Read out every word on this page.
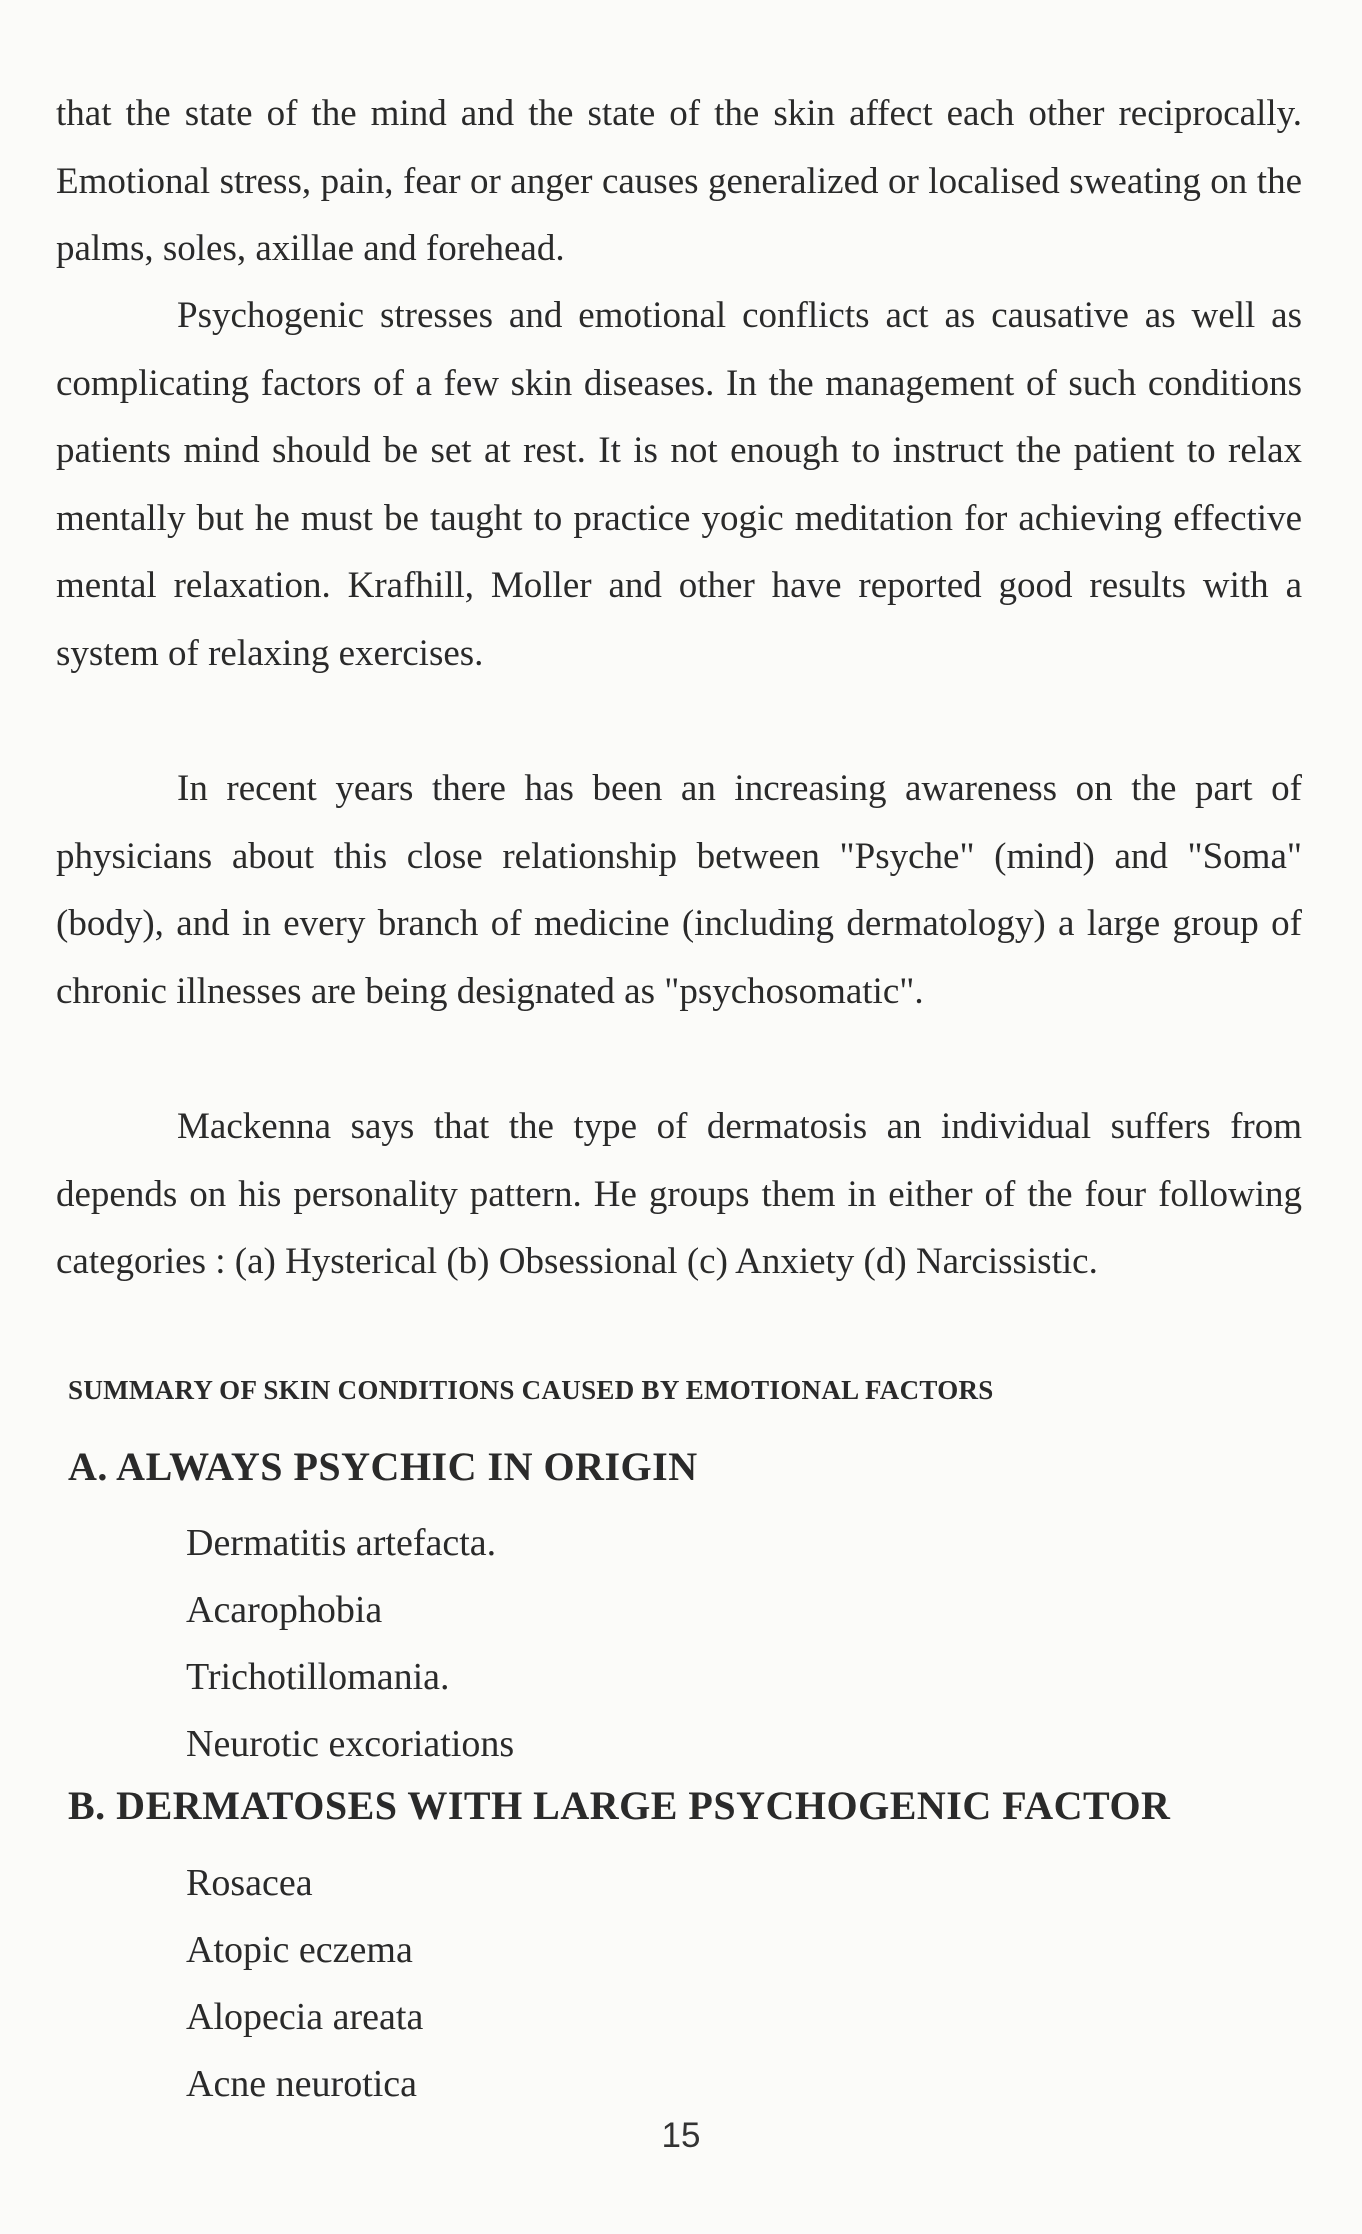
that the state of the mind and the state of the skin affect each other reciprocally. Emotional stress, pain, fear or anger causes generalized or localised sweating on the palms, soles, axillae and forehead.

Psychogenic stresses and emotional conflicts act as causative as well as complicating factors of a few skin diseases. In the management of such conditions patients mind should be set at rest. It is not enough to instruct the patient to relax mentally but he must be taught to practice yogic meditation for achieving effective mental relaxation. Krafhill, Moller and other have reported good results with a system of relaxing exercises.

In recent years there has been an increasing awareness on the part of physicians about this close relationship between "Psyche" (mind) and "Soma" (body), and in every branch of medicine (including dermatology) a large group of chronic illnesses are being designated as "psychosomatic".

Mackenna says that the type of dermatosis an individual suffers from depends on his personality pattern. He groups them in either of the four following categories : (a) Hysterical (b) Obsessional (c) Anxiety (d) Narcissistic.

SUMMARY OF SKIN CONDITIONS CAUSED BY EMOTIONAL FACTORS
A. ALWAYS PSYCHIC IN ORIGIN
Dermatitis artefacta.
Acarophobia
Trichotillomania.
Neurotic excoriations
B. DERMATOSES WITH LARGE PSYCHOGENIC FACTOR
Rosacea
Atopic eczema
Alopecia areata
Acne neurotica
15
